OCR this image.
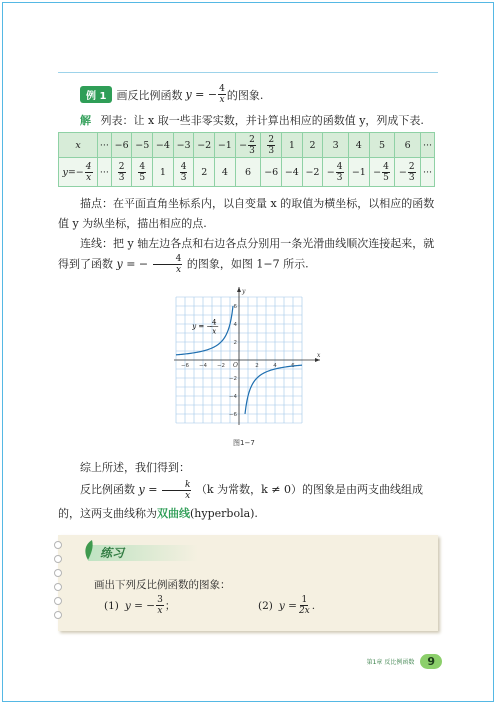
例 1 画反比例函数 y = − $\frac{4}{x}$ 的图象.
解 列表：让 x 取一些非零实数，并计算出相应的函数值 y，列成下表.
x	···	−6	−5	−4	−3	−2	−1	− $\frac{2}{3}$	$\frac{2}{3}$	1	2	3	4	5	6	···
$y=- \frac{4}{x}$	···	$\frac{2}{3}$	$\frac{4}{5}$	1	$\frac{4}{3}$	2	4	6	−6	−4	−2	− $\frac{4}{3}$	−1	− $\frac{4}{5}$	− $\frac{2}{3}$	···
描点：在平面直角坐标系内，以自变量 x 的取值为横坐标，以相应的函数值 y 为纵坐标，描出相应的点.
连线：把 y 轴左边各点和右边各点分别用一条光滑曲线顺次连接起来，就得到了函数 y = − $\frac{4}{x}$ 的图象，如图 1−7 所示.
−6 −4 −2	2	4	6
6
4
2
−2
−4
−6
O
x
y
y = − 4
x
图1−7
综上所述，我们得到：
反比例函数 $y = \frac{k}{x} (k$ 为常数，k ≠ 0）的图象是由两支曲线组成的，这两支曲线称为双曲线(hyperbola).
练习
画出下列反比例函数的图象：
(1) y = − $\frac{3}{x}$ ；	(2) $y = \frac{1}{2x}$ .
第1章 反比例函数	9
